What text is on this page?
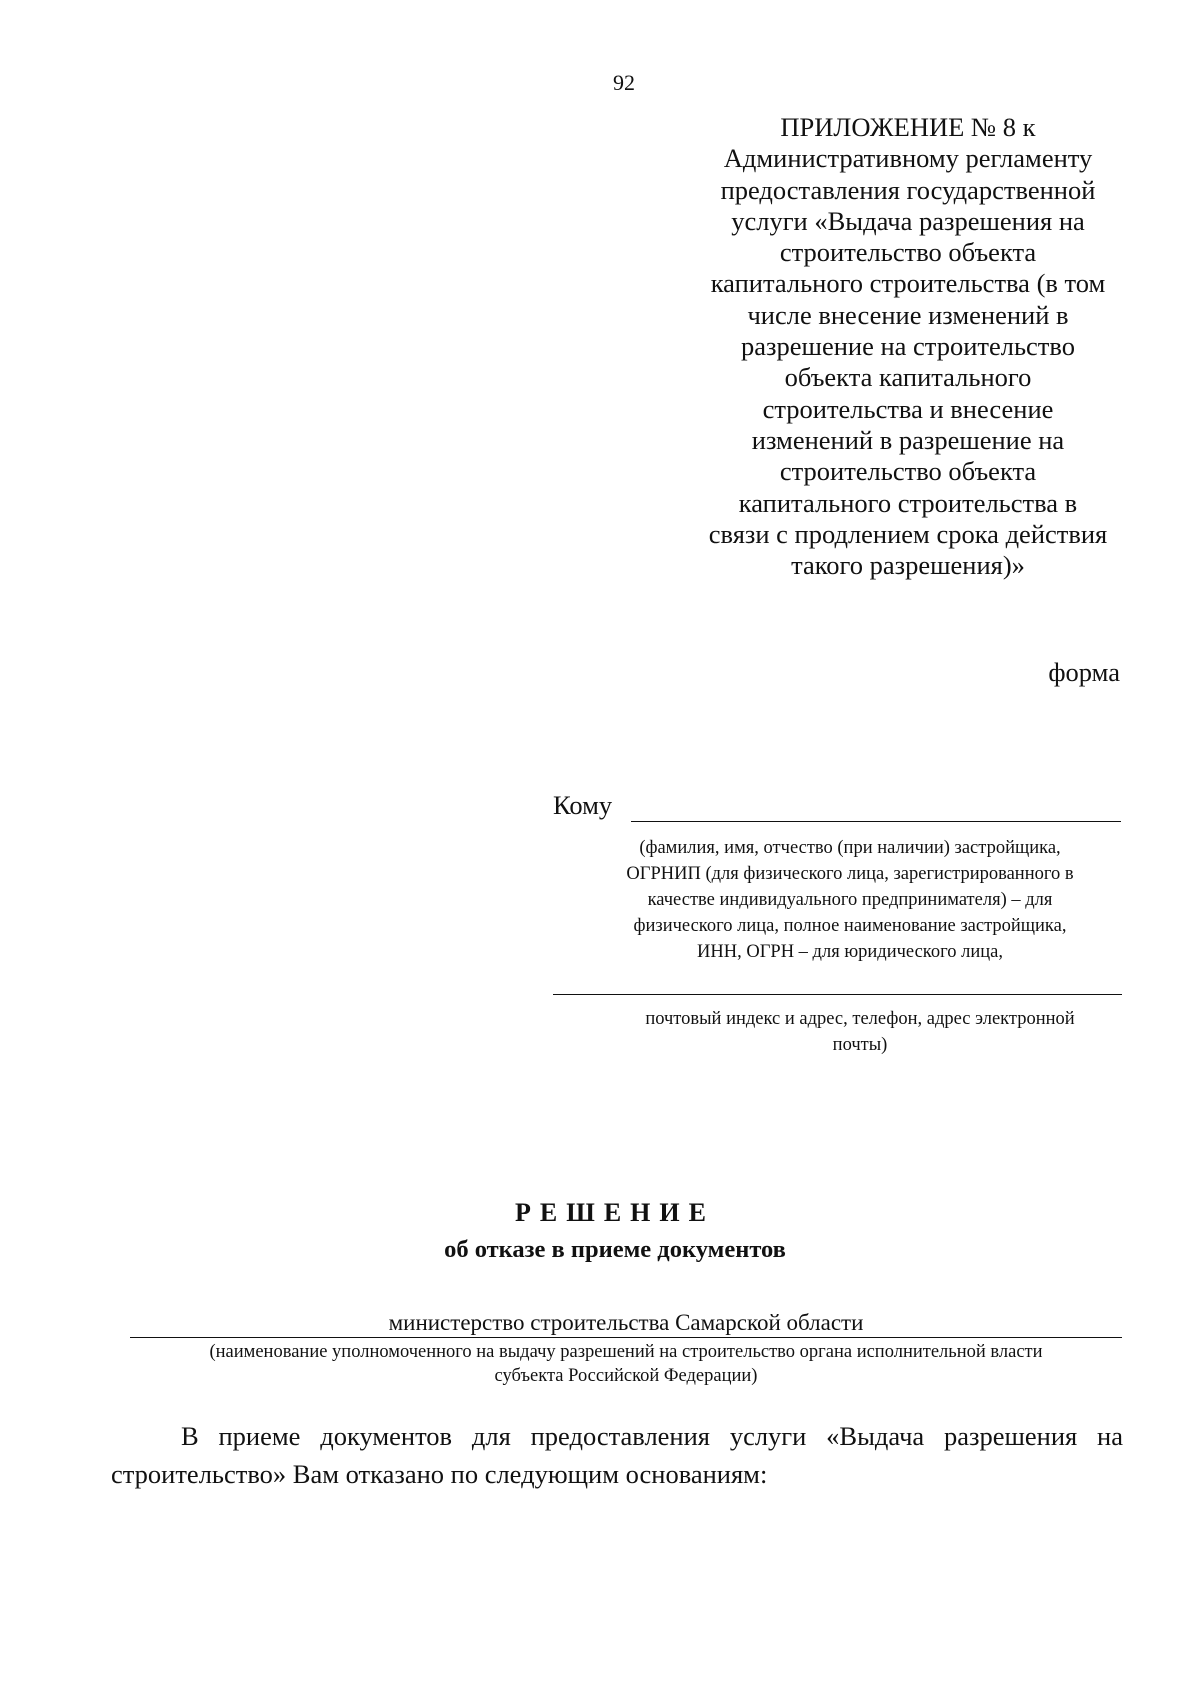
92
ПРИЛОЖЕНИЕ № 8 к
Административному регламенту
предоставления государственной
услуги «Выдача разрешения на
строительство объекта
капитального строительства (в том
числе внесение изменений в
разрешение на строительство
объекта капитального
строительства и внесение
изменений в разрешение на
строительство объекта
капитального строительства в
связи с продлением срока действия
такого разрешения)»
форма
Кому
(фамилия, имя, отчество (при наличии) застройщика,
ОГРНИП (для физического лица, зарегистрированного в
качестве индивидуального предпринимателя) – для
физического лица, полное наименование застройщика,
ИНН, ОГРН – для юридического лица,
почтовый индекс и адрес, телефон, адрес электронной
почты)
РЕШЕНИЕ
об отказе в приеме документов
министерство строительства Самарской области
(наименование уполномоченного на выдачу разрешений на строительство органа исполнительной власти
субъекта Российской Федерации)
В приеме документов для предоставления услуги «Выдача разрешения на строительство» Вам отказано по следующим основаниям:
